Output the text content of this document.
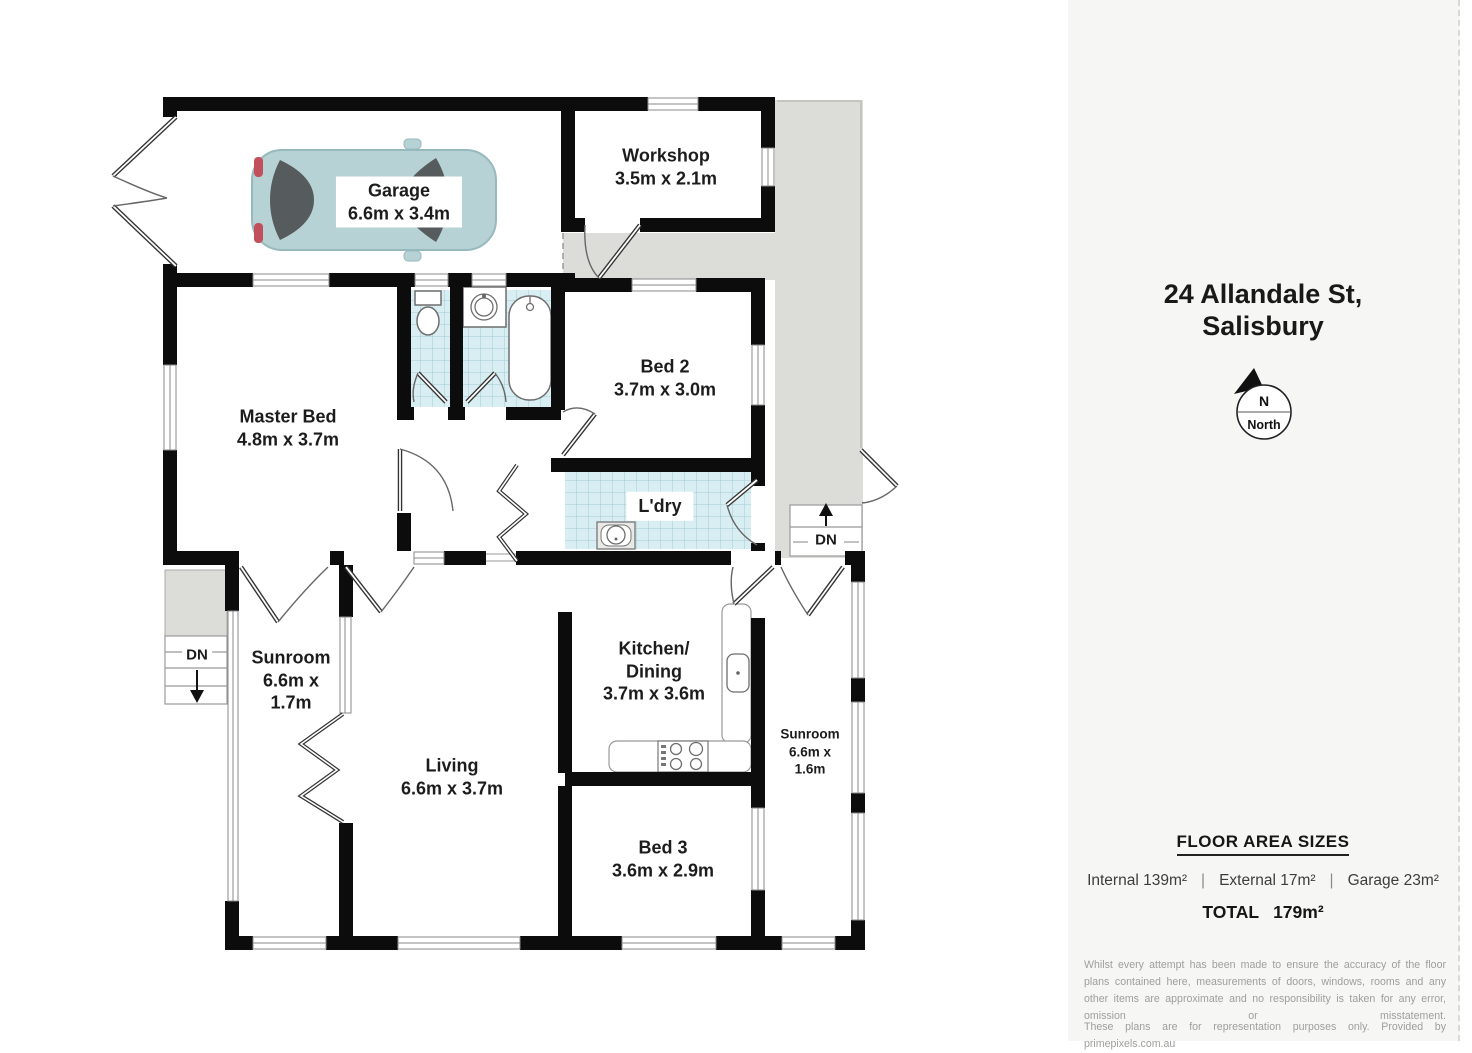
Garage
6.6m x 3.4m
Workshop
3.5m x 2.1m
Master Bed
4.8m x 3.7m
Bed 2
3.7m x 3.0m
L'dry
Sunroom
6.6m x
1.7m
Living
6.6m x 3.7m
Kitchen/
Dining
3.7m x 3.6m
Sunroom
6.6m x
1.6m
Bed 3
3.6m x 2.9m
DN
DN
24 Allandale St,
Salisbury
N
North
FLOOR AREA SIZES
Internal 139m² | External 17m² | Garage 23m²
TOTAL 179m²

Whilst every attempt has been made to ensure the accuracy of the floor plans contained here, measurements of doors, windows, rooms and any other items are approximate and no responsibility is taken for any error, omission or misstatement.

These plans are for representation purposes only. Provided by primepixels.com.au
